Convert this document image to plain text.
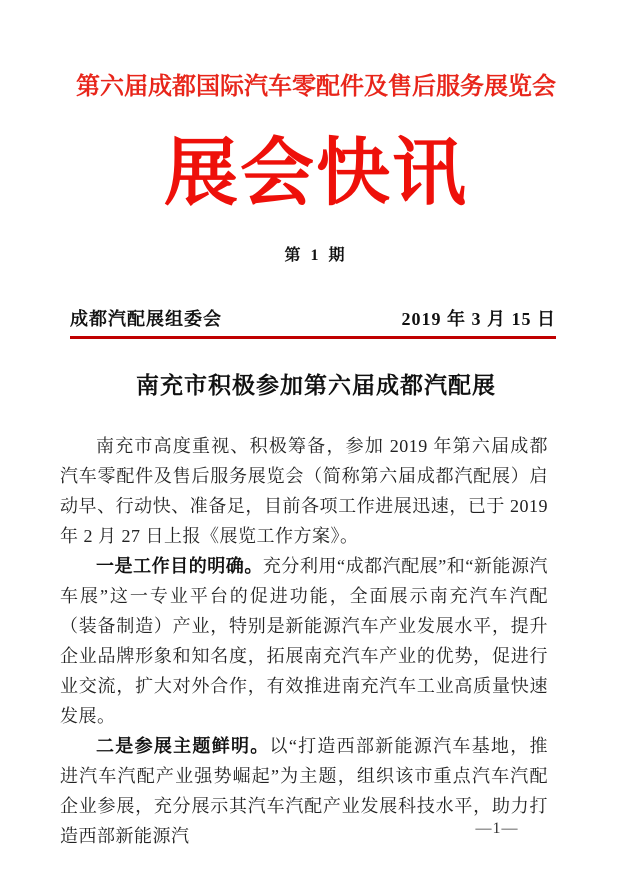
第六届成都国际汽车零配件及售后服务展览会
展会快讯
第 1 期
成都汽配展组委会	2019 年 3 月 15 日
南充市积极参加第六届成都汽配展

南充市高度重视、积极筹备，参加 2019 年第六届成都汽车零配件及售后服务展览会（简称第六届成都汽配展）启动早、行动快、准备足，目前各项工作进展迅速，已于 2019 年 2 月 27 日上报《展览工作方案》。

一是工作目的明确。充分利用“成都汽配展”和“新能源汽车展”这一专业平台的促进功能，全面展示南充汽车汽配（装备制造）产业，特别是新能源汽车产业发展水平，提升企业品牌形象和知名度，拓展南充汽车产业的优势，促进行业交流，扩大对外合作，有效推进南充汽车工业高质量快速发展。

二是参展主题鲜明。以“打造西部新能源汽车基地，推进汽车汽配产业强势崛起”为主题，组织该市重点汽车汽配企业参展，充分展示其汽车汽配产业发展科技水平，助力打造西部新能源汽	—1—
